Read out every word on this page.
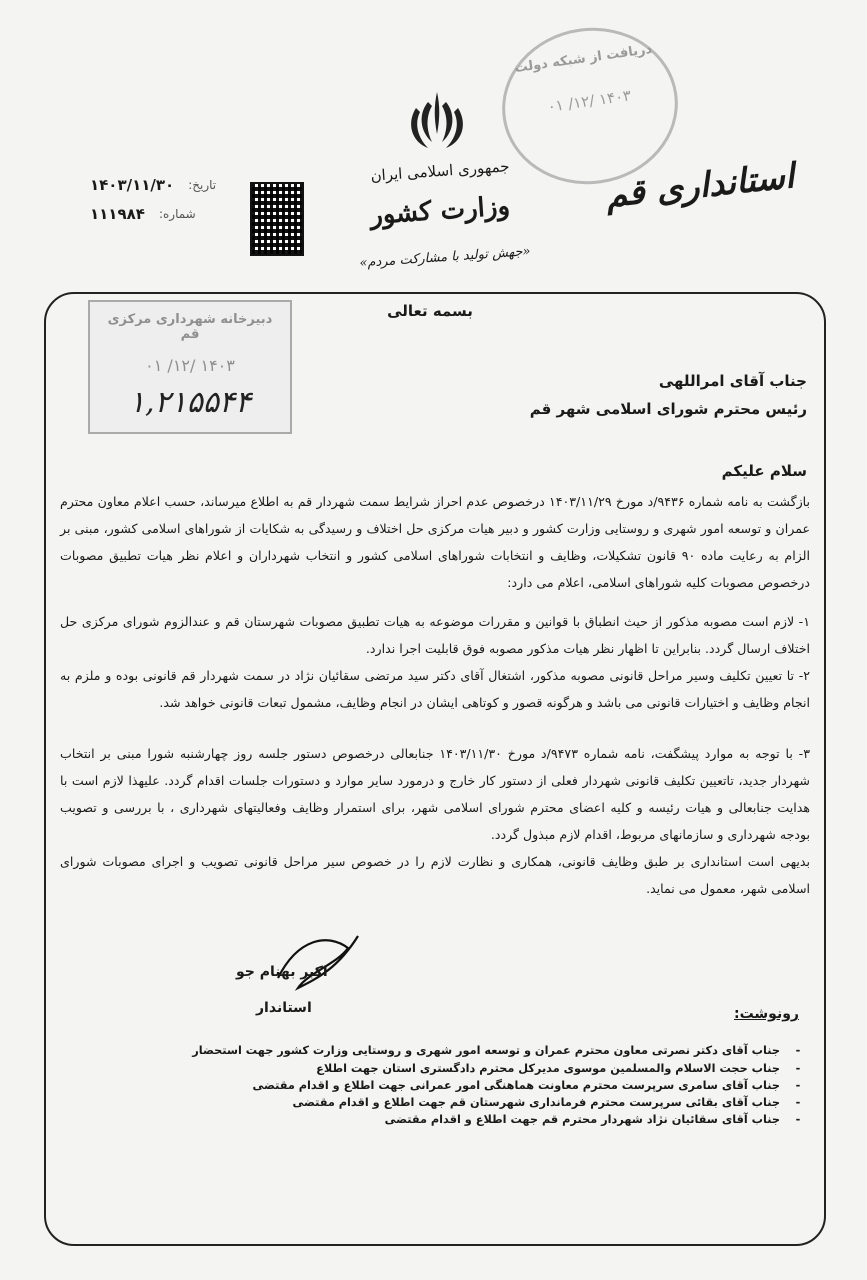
۱۴۰۳/۱۱/۳۰ :تاریخ
۱۱۱۹۸۴ :شماره
جمهوری اسلامی ایران
وزارت کشور
«جهش تولید با مشارکت مردم»
استانداری قم
دریافت از شبکه دولت
۱۴۰۳ /۱۲/ ۰۱
بسمه تعالی
دبیرخانه شهرداری مرکزی قم
۱۴۰۳ /۱۲/ ۰۱
۱,۲۱۵۵۴۴
جناب آقای امراللهی
رئیس محترم شورای اسلامی شهر قم
سلام علیکم
بازگشت به نامه شماره ۹۴۳۶/د مورخ ۱۴۰۳/۱۱/۲۹ درخصوص عدم احراز شرایط سمت شهردار قم به اطلاع میرساند، حسب اعلام معاون محترم عمران و توسعه امور شهری و روستایی وزارت کشور و دبیر هیات مرکزی حل اختلاف و رسیدگی به شکایات از شوراهای اسلامی کشور، مبنی بر الزام به رعایت ماده ۹۰ قانون تشکیلات، وظایف و انتخابات شوراهای اسلامی کشور و انتخاب شهرداران و اعلام نظر هیات تطبیق مصوبات درخصوص مصوبات کلیه شوراهای اسلامی، اعلام می دارد:
۱- لازم است مصوبه مذکور از حیث انطباق با قوانین و مقررات موضوعه به هیات تطبیق مصوبات شهرستان قم و عندالزوم شورای مرکزی حل اختلاف ارسال گردد. بنابراین تا اظهار نظر هیات مذکور مصوبه فوق قابلیت اجرا ندارد.
۲- تا تعیین تکلیف وسیر مراحل قانونی مصوبه مذکور، اشتغال آقای دکتر سید مرتضی سقائیان نژاد در سمت شهردار قم قانونی بوده و ملزم به انجام وظایف و اختیارات قانونی می باشد و هرگونه قصور و کوتاهی ایشان در انجام وظایف، مشمول تبعات قانونی خواهد شد.
۳- با توجه به موارد پیشگفت، نامه شماره ۹۴۷۳/د مورخ ۱۴۰۳/۱۱/۳۰ جنابعالی درخصوص دستور جلسه روز چهارشنبه شورا مبنی بر انتخاب شهردار جدید، تاتعیین تکلیف قانونی شهردار فعلی از دستور کار خارج و درمورد سایر موارد و دستورات جلسات اقدام گردد. علیهذا لازم است با هدایت جنابعالی و هیات رئیسه و کلیه اعضای محترم شورای اسلامی شهر، برای استمرار وظایف وفعالیتهای شهرداری ، با بررسی و تصویب بودجه شهرداری و سازمانهای مربوط، اقدام لازم مبذول گردد.
بدیهی است استانداری بر طبق وظایف قانونی، همکاری و نظارت لازم را در خصوص سیر مراحل قانونی تصویب و اجرای مصوبات شورای اسلامی شهر، معمول می نماید.
اکبر بهنام جو
استاندار	رونوشت:
-
جناب آقای دکتر نصرتی معاون محترم عمران و توسعه امور شهری و روستایی وزارت کشور جهت استحضار
-
جناب حجت الاسلام والمسلمین موسوی مدیرکل محترم دادگستری استان جهت اطلاع
-
جناب آقای سامری سرپرست محترم معاونت هماهنگی امور عمرانی جهت اطلاع و اقدام مقتضی
-
جناب آقای بقائی سرپرست محترم فرمانداری شهرستان قم جهت اطلاع و اقدام مقتضی
-
جناب آقای سقائیان نژاد شهردار محترم قم جهت اطلاع و اقدام مقتضی
